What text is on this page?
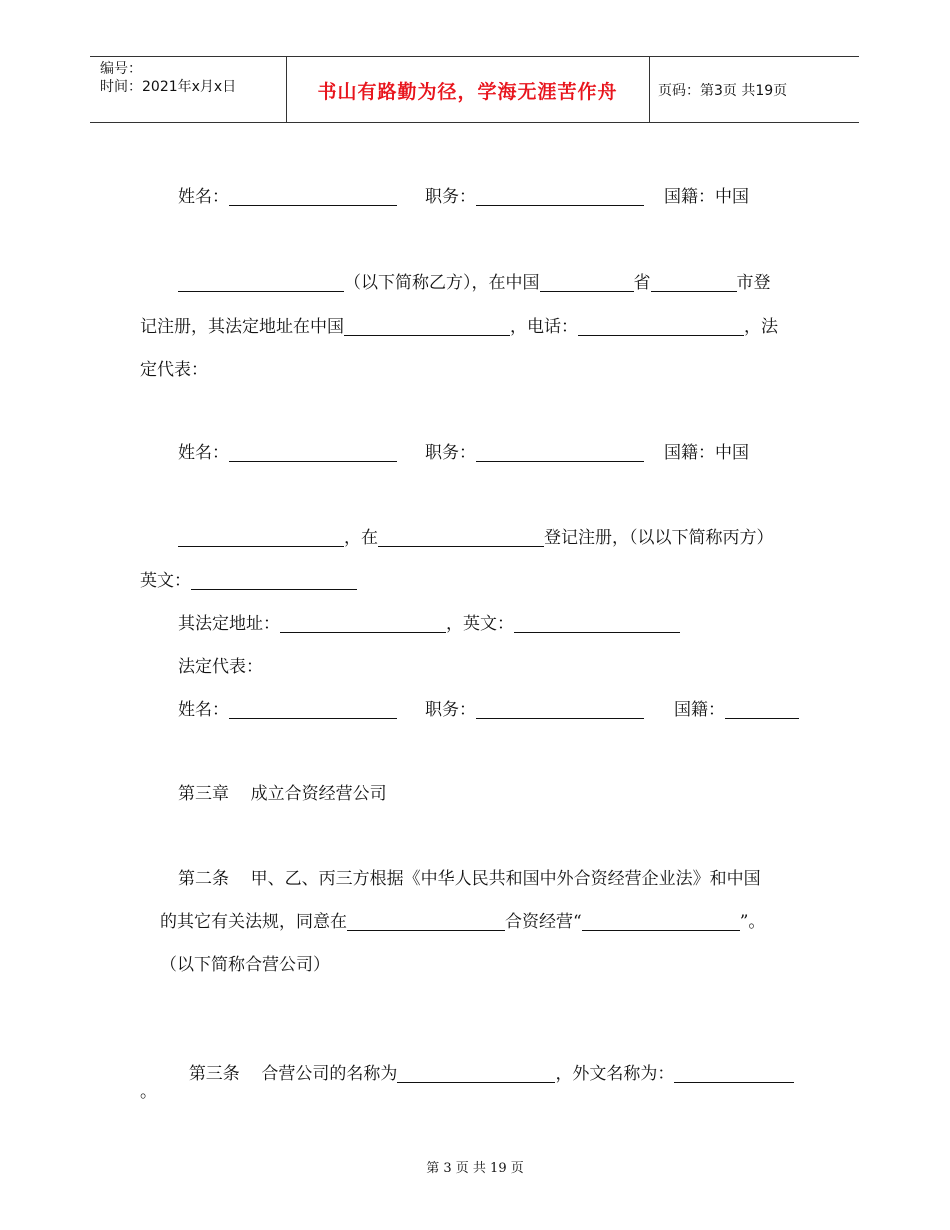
编号：
时间：2021年x月x日	书山有路勤为径，学海无涯苦作舟	页码：第3页 共19页
姓名：	职务：	国籍：中国
（以下简称乙方），在中国	省	市登
记注册，其法定地址在中国	，电话：	，法
定代表：
姓名：	职务：	国籍：中国
，在	登记注册，（以以下简称丙方）
英文：
其法定地址：	，英文：
法定代表：
姓名：	职务：	国籍：
第三章    成立合资经营公司
第二条    甲、乙、丙三方根据《中华人民共和国中外合资经营企业法》和中国
的其它有关法规，同意在	合资经营“	”。
（以下简称合营公司）

第三条    合营公司的名称为	，外文名称为：

。
第 3 页 共 19 页
